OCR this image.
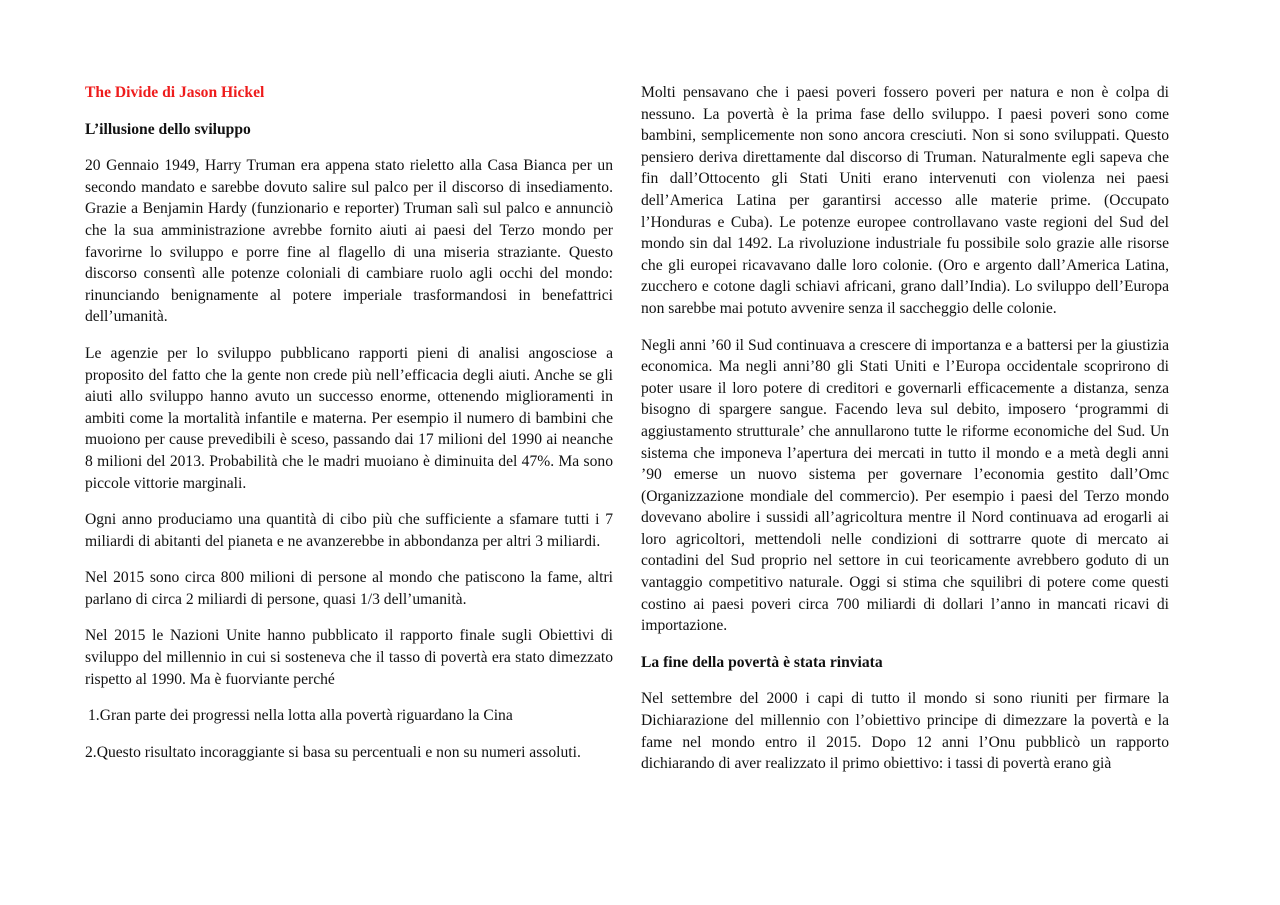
The Divide di Jason Hickel

L’illusione dello sviluppo

20 Gennaio 1949, Harry Truman era appena stato rieletto alla Casa Bianca per un secondo mandato e sarebbe dovuto salire sul palco per il discorso di insediamento. Grazie a Benjamin Hardy (funzionario e reporter) Truman salì sul palco e annunciò che la sua amministrazione avrebbe fornito aiuti ai paesi del Terzo mondo per favorirne lo sviluppo e porre fine al flagello di una miseria straziante. Questo discorso consentì alle potenze coloniali di cambiare ruolo agli occhi del mondo: rinunciando benignamente al potere imperiale trasformandosi in benefattrici dell’umanità.

Le agenzie per lo sviluppo pubblicano rapporti pieni di analisi angosciose a proposito del fatto che la gente non crede più nell’efficacia degli aiuti. Anche se gli aiuti allo sviluppo hanno avuto un successo enorme, ottenendo miglioramenti in ambiti come la mortalità infantile e materna. Per esempio il numero di bambini che muoiono per cause prevedibili è sceso, passando dai 17 milioni del 1990 ai neanche 8 milioni del 2013. Probabilità che le madri muoiano è diminuita del 47%. Ma sono piccole vittorie marginali.

Ogni anno produciamo una quantità di cibo più che sufficiente a sfamare tutti i 7 miliardi di abitanti del pianeta e ne avanzerebbe in abbondanza per altri 3 miliardi.

Nel 2015 sono circa 800 milioni di persone al mondo che patiscono la fame, altri parlano di circa 2 miliardi di persone, quasi 1/3 dell’umanità.

Nel 2015 le Nazioni Unite hanno pubblicato il rapporto finale sugli Obiettivi di sviluppo del millennio in cui si sosteneva che il tasso di povertà era stato dimezzato rispetto al 1990. Ma è fuorviante perché

1.Gran parte dei progressi nella lotta alla povertà riguardano la Cina

2.Questo risultato incoraggiante si basa su percentuali e non su numeri assoluti.

Molti pensavano che i paesi poveri fossero poveri per natura e non è colpa di nessuno. La povertà è la prima fase dello sviluppo. I paesi poveri sono come bambini, semplicemente non sono ancora cresciuti. Non si sono sviluppati. Questo pensiero deriva direttamente dal discorso di Truman. Naturalmente egli sapeva che fin dall’Ottocento gli Stati Uniti erano intervenuti con violenza nei paesi dell’America Latina per garantirsi accesso alle materie prime. (Occupato l’Honduras e Cuba). Le potenze europee controllavano vaste regioni del Sud del mondo sin dal 1492. La rivoluzione industriale fu possibile solo grazie alle risorse che gli europei ricavavano dalle loro colonie. (Oro e argento dall’America Latina, zucchero e cotone dagli schiavi africani, grano dall’India). Lo sviluppo dell’Europa non sarebbe mai potuto avvenire senza il saccheggio delle colonie.

Negli anni ’60 il Sud continuava a crescere di importanza e a battersi per la giustizia economica. Ma negli anni’80 gli Stati Uniti e l’Europa occidentale scoprirono di poter usare il loro potere di creditori e governarli efficacemente a distanza, senza bisogno di spargere sangue. Facendo leva sul debito, imposero ‘programmi di aggiustamento strutturale’ che annullarono tutte le riforme economiche del Sud. Un sistema che imponeva l’apertura dei mercati in tutto il mondo e a metà degli anni ’90 emerse un nuovo sistema per governare l’economia gestito dall’Omc (Organizzazione mondiale del commercio). Per esempio i paesi del Terzo mondo dovevano abolire i sussidi all’agricoltura mentre il Nord continuava ad erogarli ai loro agricoltori, mettendoli nelle condizioni di sottrarre quote di mercato ai contadini del Sud proprio nel settore in cui teoricamente avrebbero goduto di un vantaggio competitivo naturale. Oggi si stima che squilibri di potere come questi costino ai paesi poveri circa 700 miliardi di dollari l’anno in mancati ricavi di importazione.

La fine della povertà è stata rinviata

Nel settembre del 2000 i capi di tutto il mondo si sono riuniti per firmare la Dichiarazione del millennio con l’obiettivo principe di dimezzare la povertà e la fame nel mondo entro il 2015. Dopo 12 anni l’Onu pubblicò un rapporto dichiarando di aver realizzato il primo obiettivo: i tassi di povertà erano già
